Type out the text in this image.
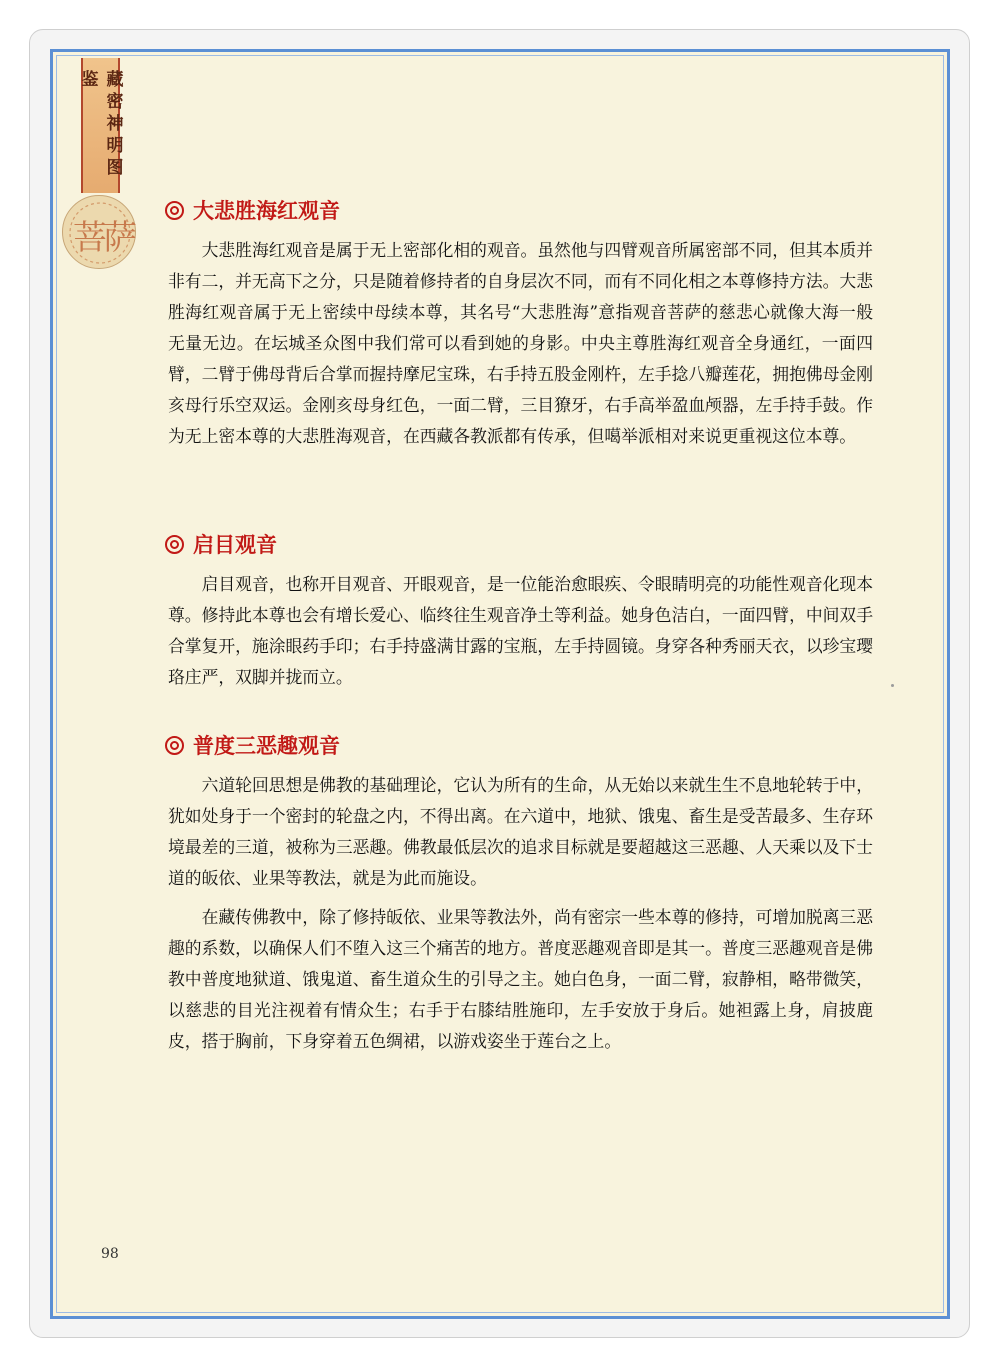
藏密神明图鉴
菩萨
大悲胜海红观音

大悲胜海红观音是属于无上密部化相的观音。虽然他与四臂观音所属密部不同，但其本质并非有二，并无高下之分，只是随着修持者的自身层次不同，而有不同化相之本尊修持方法。大悲胜海红观音属于无上密续中母续本尊，其名号“大悲胜海”意指观音菩萨的慈悲心就像大海一般无量无边。在坛城圣众图中我们常可以看到她的身影。中央主尊胜海红观音全身通红，一面四臂，二臂于佛母背后合掌而握持摩尼宝珠，右手持五股金刚杵，左手捻八瓣莲花，拥抱佛母金刚亥母行乐空双运。金刚亥母身红色，一面二臂，三目獠牙，右手高举盈血颅器，左手持手鼓。作为无上密本尊的大悲胜海观音，在西藏各教派都有传承，但噶举派相对来说更重视这位本尊。

启目观音

启目观音，也称开目观音、开眼观音，是一位能治愈眼疾、令眼睛明亮的功能性观音化现本尊。修持此本尊也会有增长爱心、临终往生观音净土等利益。她身色洁白，一面四臂，中间双手合掌复开，施涂眼药手印；右手持盛满甘露的宝瓶，左手持圆镜。身穿各种秀丽天衣，以珍宝璎珞庄严，双脚并拢而立。

普度三恶趣观音

六道轮回思想是佛教的基础理论，它认为所有的生命，从无始以来就生生不息地轮转于中，犹如处身于一个密封的轮盘之内，不得出离。在六道中，地狱、饿鬼、畜生是受苦最多、生存环境最差的三道，被称为三恶趣。佛教最低层次的追求目标就是要超越这三恶趣、人天乘以及下士道的皈依、业果等教法，就是为此而施设。

在藏传佛教中，除了修持皈依、业果等教法外，尚有密宗一些本尊的修持，可增加脱离三恶趣的系数，以确保人们不堕入这三个痛苦的地方。普度恶趣观音即是其一。普度三恶趣观音是佛教中普度地狱道、饿鬼道、畜生道众生的引导之主。她白色身，一面二臂，寂静相，略带微笑，以慈悲的目光注视着有情众生；右手于右膝结胜施印，左手安放于身后。她袒露上身，肩披鹿皮，搭于胸前，下身穿着五色绸裙，以游戏姿坐于莲台之上。

98
